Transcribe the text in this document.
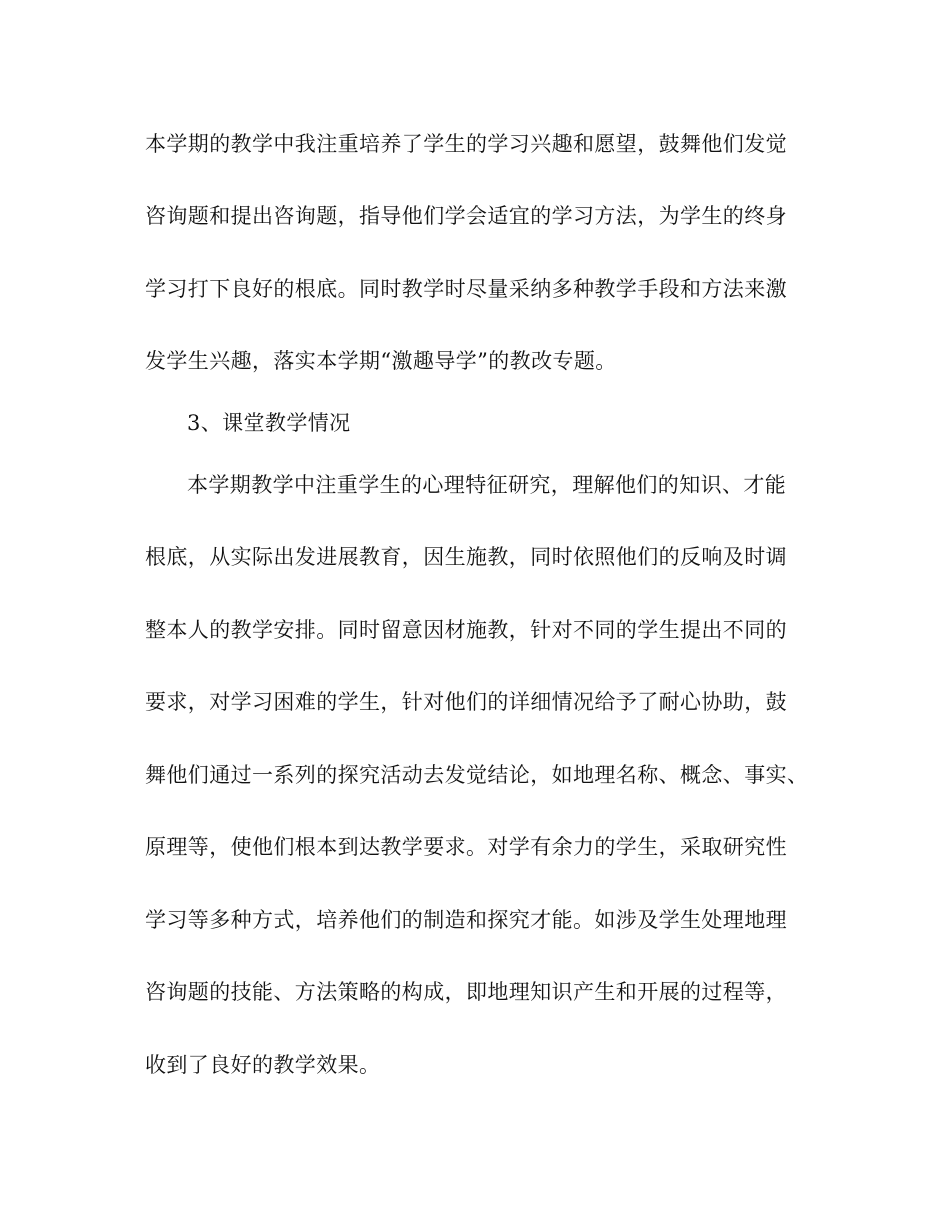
本学期的教学中我注重培养了学生的学习兴趣和愿望，鼓舞他们发觉
咨询题和提出咨询题，指导他们学会适宜的学习方法，为学生的终身
学习打下良好的根底。同时教学时尽量采纳多种教学手段和方法来激
发学生兴趣，落实本学期“激趣导学”的教改专题。
3、课堂教学情况
本学期教学中注重学生的心理特征研究，理解他们的知识、才能
根底，从实际出发进展教育，因生施教，同时依照他们的反响及时调
整本人的教学安排。同时留意因材施教，针对不同的学生提出不同的
要求，对学习困难的学生，针对他们的详细情况给予了耐心协助，鼓
舞他们通过一系列的探究活动去发觉结论，如地理名称、概念、事实、
原理等，使他们根本到达教学要求。对学有余力的学生，采取研究性
学习等多种方式，培养他们的制造和探究才能。如涉及学生处理地理
咨询题的技能、方法策略的构成，即地理知识产生和开展的过程等，
收到了良好的教学效果。
